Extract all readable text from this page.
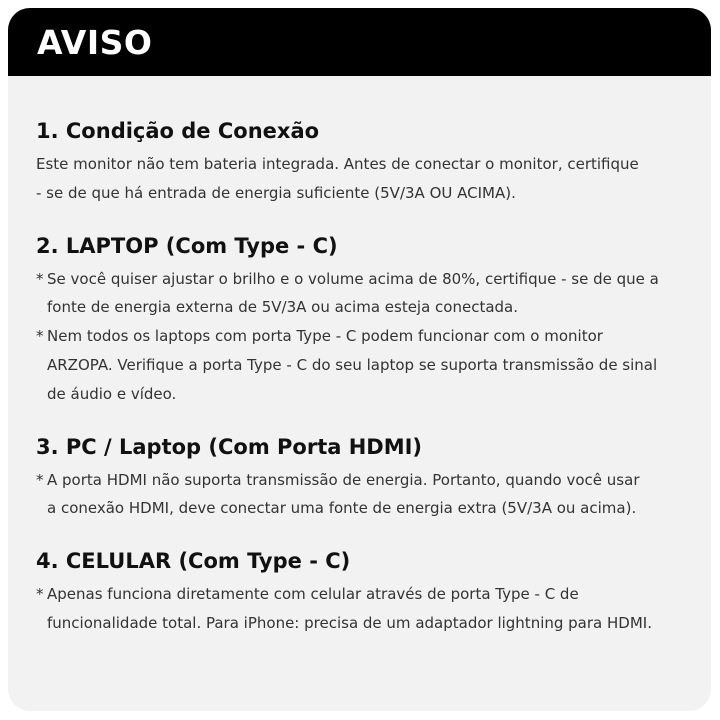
AVISO
1. Condição de Conexão
Este monitor não tem bateria integrada. Antes de conectar o monitor, certifique
- se de que há entrada de energia suficiente (5V/3A OU ACIMA).
2. LAPTOP (Com Type - C)
* Se você quiser ajustar o brilho e o volume acima de 80%, certifique - se de que a
fonte de energia externa de 5V/3A ou acima esteja conectada.
* Nem todos os laptops com porta Type - C podem funcionar com o monitor
ARZOPA. Verifique a porta Type - C do seu laptop se suporta transmissão de sinal
de áudio e vídeo.
3. PC / Laptop (Com Porta HDMI)
* A porta HDMI não suporta transmissão de energia. Portanto, quando você usar
a conexão HDMI, deve conectar uma fonte de energia extra (5V/3A ou acima).
4. CELULAR (Com Type - C)
* Apenas funciona diretamente com celular através de porta Type - C de
funcionalidade total. Para iPhone: precisa de um adaptador lightning para HDMI.
